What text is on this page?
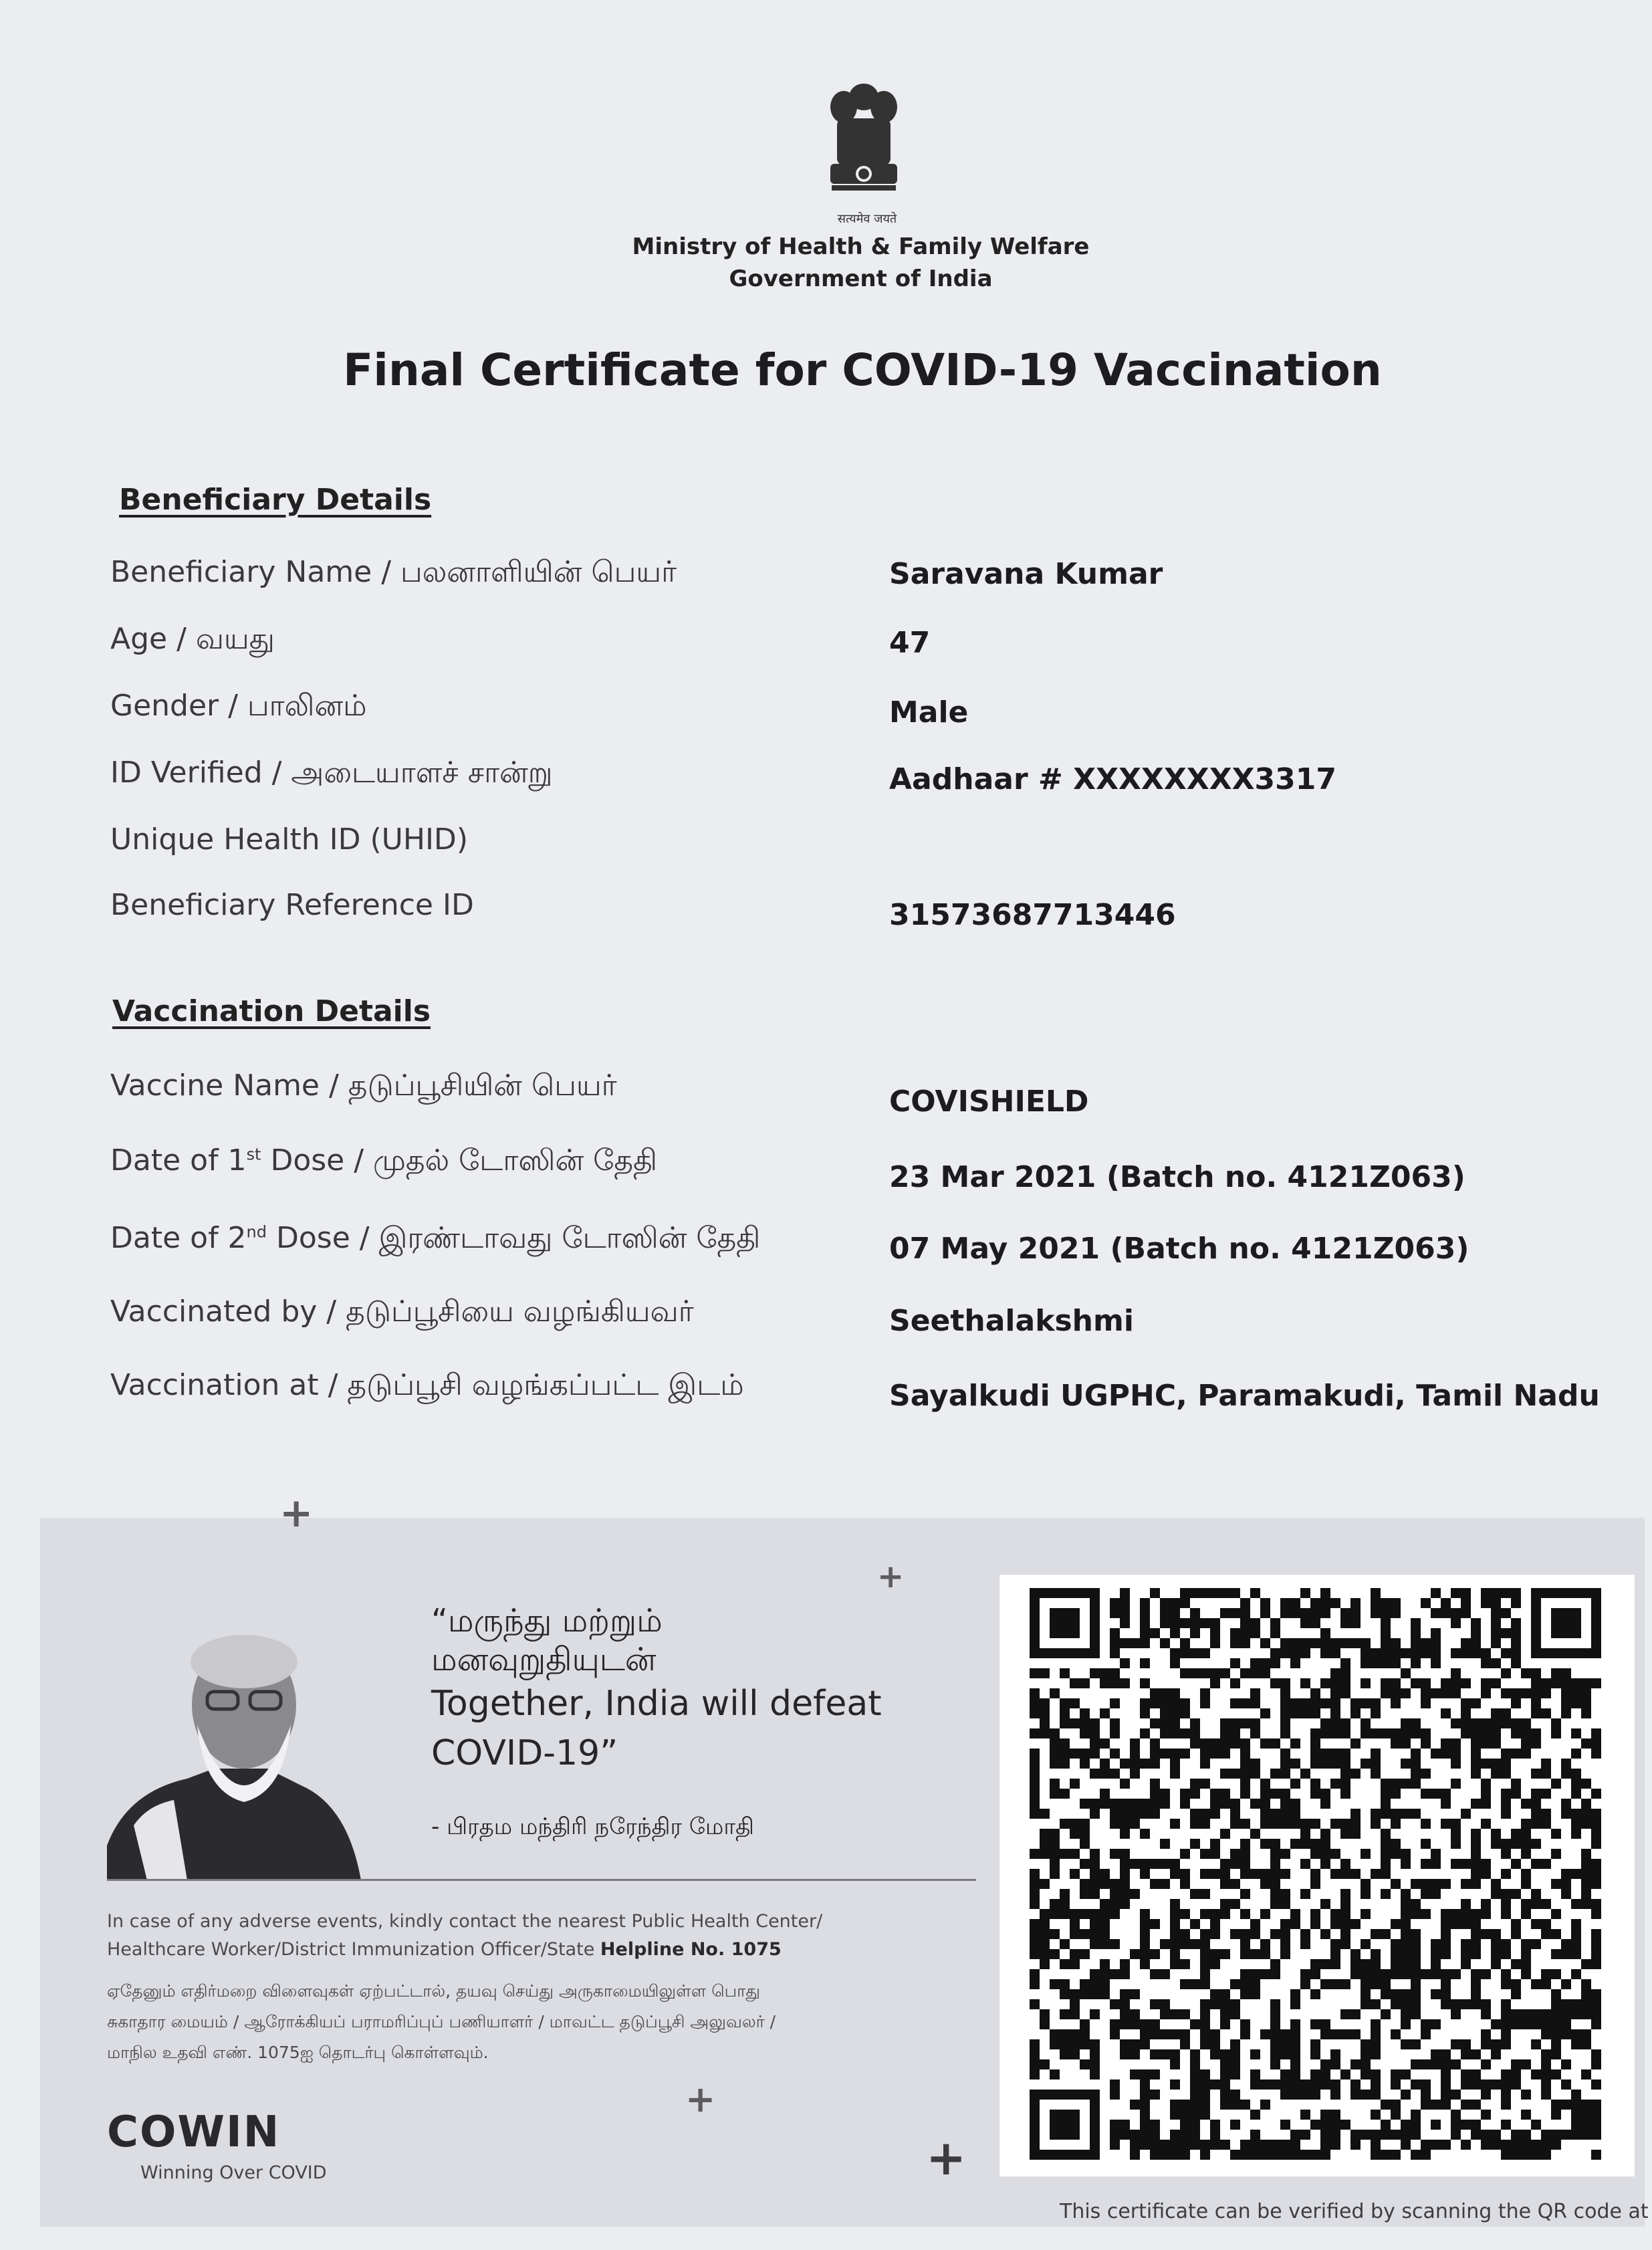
सत्यमेव जयते
Ministry of Health & Family Welfare
Government of India
Final Certificate for COVID-19 Vaccination
Beneficiary Details
Beneficiary Name / பலனாளியின் பெயர்	Saravana Kumar
Age / வயது	47
Gender / பாலினம்	Male
ID Verified / அடையாளச் சான்று	Aadhaar # XXXXXXXX3317
Unique Health ID (UHID)
Beneficiary Reference ID	31573687713446
Vaccination Details
Vaccine Name / தடுப்பூசியின் பெயர்	COVISHIELD
Date of 1st Dose / முதல் டோஸின் தேதி	23 Mar 2021 (Batch no. 4121Z063)
Date of 2nd Dose / இரண்டாவது டோஸின் தேதி	07 May 2021 (Batch no. 4121Z063)
Vaccinated by / தடுப்பூசியை வழங்கியவர்	Seethalakshmi
Vaccination at / தடுப்பூசி வழங்கப்பட்ட இடம்	Sayalkudi UGPHC, Paramakudi, Tamil Nadu
+
+
+
+
“மருந்து மற்றும்
மனவுறுதியுடன்
Together, India will defeat
COVID-19”
- பிரதம மந்திரி நரேந்திர மோதி
In case of any adverse events, kindly contact the nearest Public Health Center/
Healthcare Worker/District Immunization Officer/State Helpline No. 1075
ஏதேனும் எதிர்மறை விளைவுகள் ஏற்பட்டால், தயவு செய்து அருகாமையிலுள்ள பொது
சுகாதார மையம் / ஆரோக்கியப் பராமரிப்புப் பணியாளர் / மாவட்ட தடுப்பூசி அலுவலர் /
மாநில உதவி எண். 1075ஐ தொடர்பு கொள்ளவும்.
COWIN
Winning Over COVID
This certificate can be verified by scanning the QR code at
